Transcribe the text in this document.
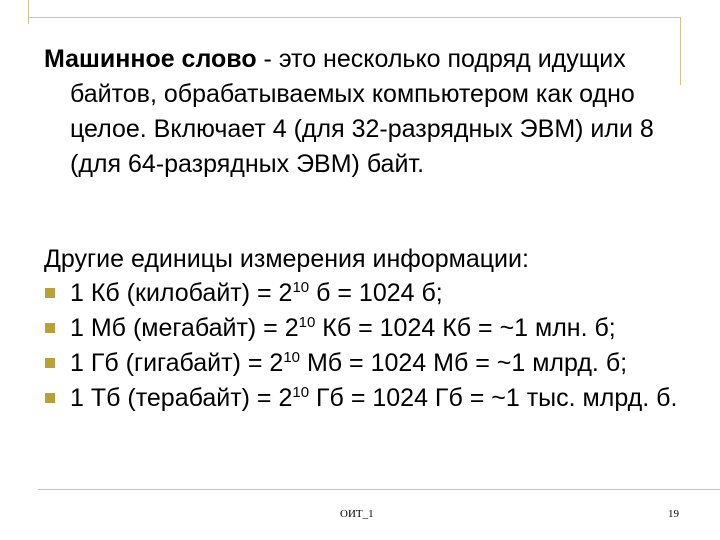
Машинное слово - это несколько подряд идущих байтов, обрабатываемых компьютером как одно целое. Включает 4 (для 32-разрядных ЭВМ) или 8 (для 64-разрядных ЭВМ) байт.

Другие единицы измерения информации:

1 Кб (килобайт) = $2^{10}$ б = 1024 б;
1 Мб (мегабайт) = $2^{10}$ Кб = 1024 Кб = ~1 млн. б;
1 Гб (гигабайт) = $2^{10}$ Мб = 1024 Мб = ~1 млрд. б;
1 Тб (терабайт) = $2^{10}$ Гб = 1024 Гб = ~1 тыс. млрд. б.
ОИТ_1	19
